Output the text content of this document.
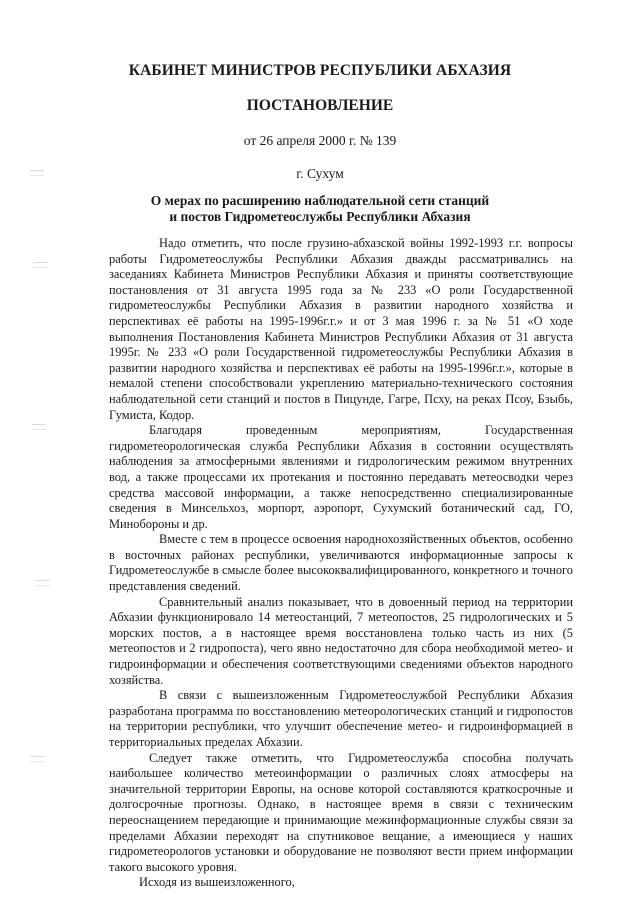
КАБИНЕТ МИНИСТРОВ РЕСПУБЛИКИ АБХАЗИЯ
ПОСТАНОВЛЕНИЕ
от 26 апреля 2000 г. № 139
г. Сухум
О мерах по расширению наблюдательной сети станций
и постов Гидрометеослужбы Республики Абхазия

Надо отметить, что после грузино-абхазской войны 1992-1993 г.г. вопросы работы Гидрометеослужбы Республики Абхазия дважды рассматривались на заседаниях Кабинета Министров Республики Абхазия и приняты соответствующие постановления от 31 августа 1995 года за № 233 «О роли Государственной гидрометеослужбы Республики Абхазия в развитии народного хозяйства и перспективах её работы на 1995-1996г.г.» и от 3 мая 1996 г. за № 51 «О ходе выполнения Постановления Кабинета Министров Республики Абхазия от 31 августа 1995г. № 233 «О роли Государственной гидрометеослужбы Республики Абхазия в развитии народного хозяйства и перспективах её работы на 1995-1996г.г.», которые в немалой степени способствовали укреплению материально-технического состояния наблюдательной сети станций и постов в Пицунде, Гагре, Псху, на реках Псоу, Бзыбь, Гумиста, Кодор.

Благодаря проведенным мероприятиям, Государственная гидрометеорологическая служба Республики Абхазия в состоянии осуществлять наблюдения за атмосферными явлениями и гидрологическим режимом внутренних вод, а также процессами их протекания и постоянно передавать метеосводки через средства массовой информации, а также непосредственно специализированные сведения в Минсельхоз, морпорт, аэропорт, Сухумский ботанический сад, ГО, Минобороны и др.

Вместе с тем в процессе освоения народнохозяйственных объектов, особенно в восточных районах республики, увеличиваются информационные запросы к Гидрометеослужбе в смысле более высококвалифицированного, конкретного и точного представления сведений.

Сравнительный анализ показывает, что в довоенный период на территории Абхазии функционировало 14 метеостанций, 7 метеопостов, 25 гидрологических и 5 морских постов, а в настоящее время восстановлена только часть из них (5 метеопостов и 2 гидропоста), чего явно недостаточно для сбора необходимой метео- и гидроинформации и обеспечения соответствующими сведениями объектов народного хозяйства.

В связи с вышеизложенным Гидрометеослужбой Республики Абхазия разработана программа по восстановлению метеорологических станций и гидропостов на территории республики, что улучшит обеспечение метео- и гидроинформацией в территориальных пределах Абхазии.

Следует также отметить, что Гидрометеослужба способна получать наибольшее количество метеоинформации о различных слоях атмосферы на значительной территории Европы, на основе которой составляются краткосрочные и долгосрочные прогнозы. Однако, в настоящее время в связи с техническим переоснащением передающие и принимающие межинформационные службы связи за пределами Абхазии переходят на спутниковое вещание, а имеющиеся у наших гидрометеорологов установки и оборудование не позволяют вести прием информации такого высокого уровня.

Исходя из вышеизложенного,
